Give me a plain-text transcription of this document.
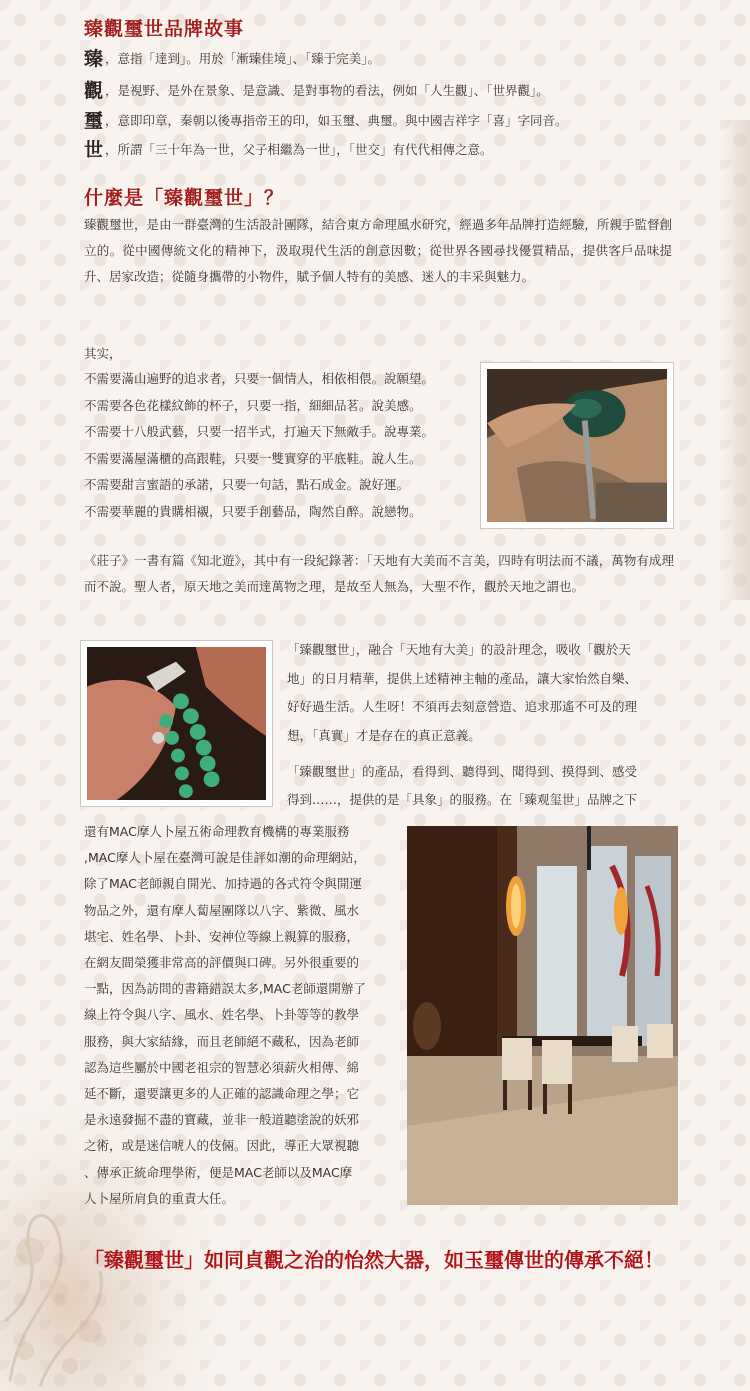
臻觀璽世品牌故事
臻 ，意指「達到」。用於「漸臻佳境」、「臻于完美」。
觀 ，是視野、是外在景象、是意識、是對事物的看法，例如「人生觀」、「世界觀」。
璽 ，意即印章，秦朝以後專指帝王的印，如玉璽、典璽。與中國吉祥字「喜」字同音。
世 ，所謂「三十年為一世，父子相繼為一世」，「世交」有代代相傳之意。
什麼是「臻觀璽世」？
臻觀璽世，是由一群臺灣的生活設計團隊，結合東方命理風水研究，經過多年品牌打造經驗，所親手監督創立的。從中國傳統文化的精神下，汲取現代生活的創意因數；從世界各國尋找優質精品，提供客戶品味提升、居家改造；從隨身攜帶的小物件，賦予個人特有的美感、迷人的丰采與魅力。
其实，
不需要滿山遍野的追求者，只要一個情人，相依相偎。說願望。
不需要各色花樣紋飾的杯子，只要一指，細細品茗。說美感。
不需要十八般武藝，只要一招半式，打遍天下無敵手。說專業。
不需要滿屋滿櫃的高跟鞋，只要一雙實穿的平底鞋。說人生。
不需要甜言蜜語的承諾，只要一句話，點石成金。說好運。
不需要華麗的貴購相襯，只要手創藝品，陶然自醉。說戀物。
《莊子》一書有篇《知北遊》，其中有一段紀錄著：「天地有大美而不言美，四時有明法而不議，萬物有成理而不說。聖人者，原天地之美而達萬物之理，是故至人無為，大聖不作，觀於天地之謂也。
「臻觀璽世」，融合「天地有大美」的設計理念，吸收「觀於天
地」的日月精華，提供上述精神主軸的產品，讓大家怡然自樂、
好好過生活。人生呀！不須再去刻意營造、追求那遙不可及的理
想，「真實」才是存在的真正意義。
「臻觀璽世」的產品，看得到、聽得到、聞得到、摸得到、感受
得到……，提供的是「具象」的服務。在「臻观玺世」品牌之下
還有MAC摩人卜屋五術命理教育機構的專業服務
,MAC摩人卜屋在臺灣可說是佳評如潮的命理網站，
除了MAC老師親自開光、加持過的各式符令與開運
物品之外，還有摩人蔔屋團隊以八字、紫微、風水
堪宅、姓名學、卜卦、安神位等線上親算的服務，
在網友間榮獲非常高的評價與口碑。另外很重要的
一點，因為訪問的書籍錯誤太多,MAC老師還開辦了
線上符令與八字、風水、姓名學、卜卦等等的教學
服務，與大家結緣，而且老師絕不藏私，因為老師
認為這些屬於中國老祖宗的智慧必須薪火相傳、綿
延不斷，還要讓更多的人正確的認識命理之學；它
是永遠發掘不盡的寶藏，並非一般道聽塗說的妖邪
之術，或是迷信唬人的伎倆。因此，導正大眾視聽
、傳承正統命理學術，便是MAC老師以及MAC摩
人卜屋所肩負的重責大任。
「臻觀璽世」如同貞觀之治的怡然大器，如玉璽傳世的傳承不絕！
